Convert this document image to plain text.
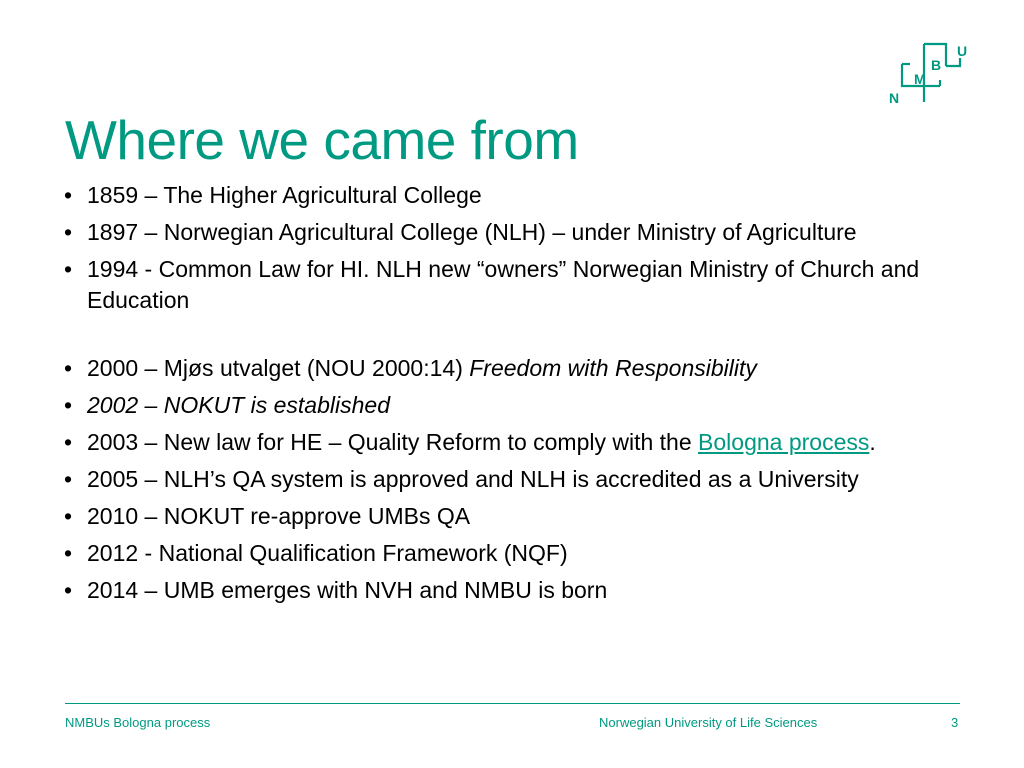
U
B
M
N
Where we came from
• 1859 – The Higher Agricultural College
• 1897 – Norwegian Agricultural College (NLH) – under Ministry of Agriculture
• 1994 - Common Law for HI. NLH new “owners” Norwegian Ministry of Church and Education
• 2000 – Mjøs utvalget (NOU 2000:14) Freedom with Responsibility
• 2002 – NOKUT is established
• 2003 – New law for HE – Quality Reform to comply with the Bologna process.
• 2005 – NLH’s QA system is approved and NLH is accredited as a University
• 2010 – NOKUT re-approve UMBs QA
• 2012 - National Qualification Framework (NQF)
• 2014 – UMB emerges with NVH and NMBU is born
NMBUs Bologna process	Norwegian University of Life Sciences	3
